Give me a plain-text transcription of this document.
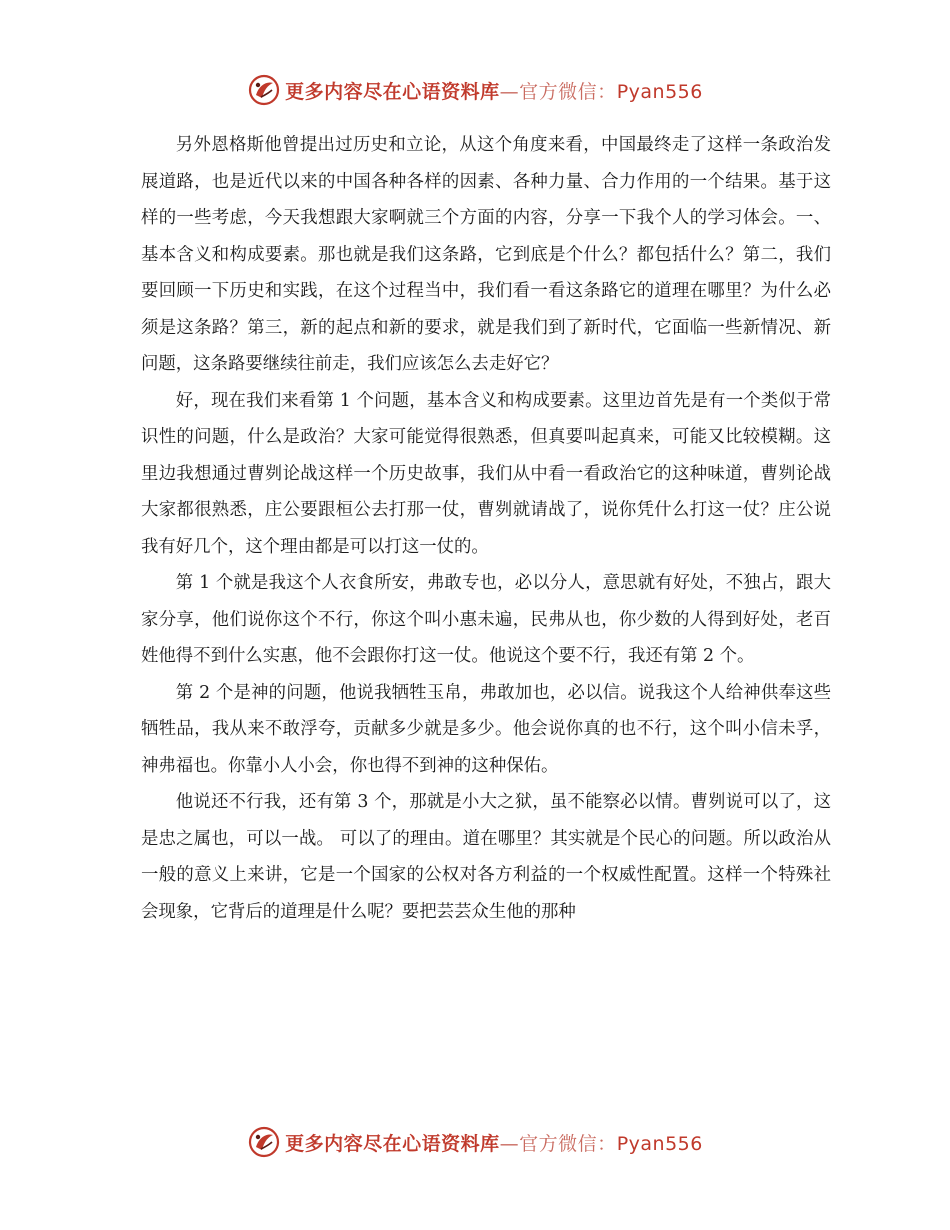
更多内容尽在心语资料库—官方微信：Pyan556

另外恩格斯他曾提出过历史和立论，从这个角度来看，中国最终走了这样一条政治发展道路，也是近代以来的中国各种各样的因素、各种力量、合力作用的一个结果。基于这样的一些考虑，今天我想跟大家啊就三个方面的内容，分享一下我个人的学习体会。一、基本含义和构成要素。那也就是我们这条路，它到底是个什么？都包括什么？第二，我们要回顾一下历史和实践，在这个过程当中，我们看一看这条路它的道理在哪里？为什么必须是这条路？第三，新的起点和新的要求，就是我们到了新时代，它面临一些新情况、新问题，这条路要继续往前走，我们应该怎么去走好它？

好，现在我们来看第 1 个问题，基本含义和构成要素。这里边首先是有一个类似于常识性的问题，什么是政治？大家可能觉得很熟悉，但真要叫起真来，可能又比较模糊。这里边我想通过曹刿论战这样一个历史故事，我们从中看一看政治它的这种味道，曹刿论战大家都很熟悉，庄公要跟桓公去打那一仗，曹刿就请战了，说你凭什么打这一仗？庄公说我有好几个，这个理由都是可以打这一仗的。

第 1 个就是我这个人衣食所安，弗敢专也，必以分人，意思就有好处，不独占，跟大家分享，他们说你这个不行，你这个叫小惠未遍，民弗从也，你少数的人得到好处，老百姓他得不到什么实惠，他不会跟你打这一仗。他说这个要不行，我还有第 2 个。

第 2 个是神的问题，他说我牺牲玉帛，弗敢加也，必以信。说我这个人给神供奉这些牺牲品，我从来不敢浮夸，贡献多少就是多少。他会说你真的也不行，这个叫小信未孚，神弗福也。你靠小人小会，你也得不到神的这种保佑。

他说还不行我，还有第 3 个，那就是小大之狱，虽不能察必以情。曹刿说可以了，这是忠之属也，可以一战。 可以了的理由。道在哪里？其实就是个民心的问题。所以政治从一般的意义上来讲，它是一个国家的公权对各方利益的一个权威性配置。这样一个特殊社会现象，它背后的道理是什么呢？要把芸芸众生他的那种

更多内容尽在心语资料库—官方微信：Pyan556
